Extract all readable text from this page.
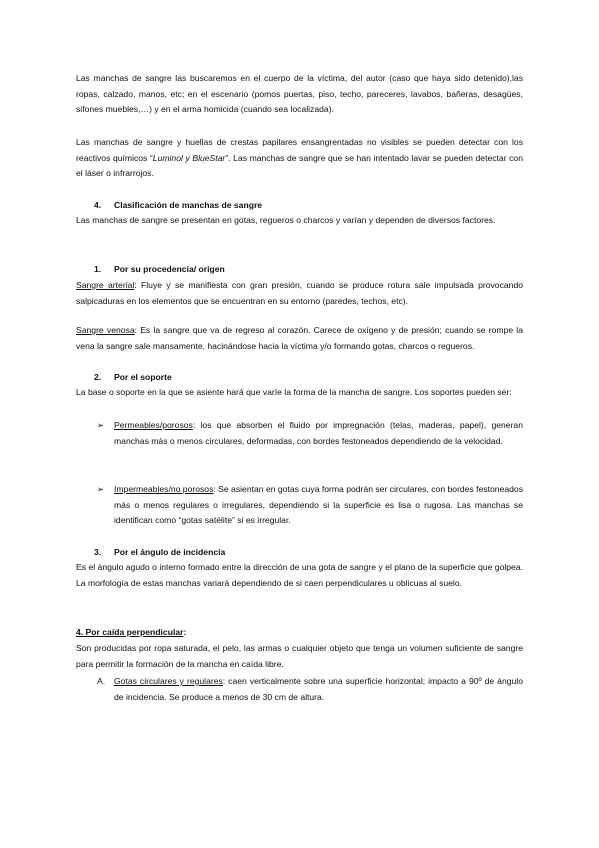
Las manchas de sangre las buscaremos en el cuerpo de la víctima, del autor (caso que haya sido detenido),las ropas, calzado, manos, etc; en el escenario (pomos puertas, piso, techo, pareceres, lavabos, bañeras, desagües, sifones muebles,…) y en el arma homicida (cuando sea localizada).

Las manchas de sangre y huellas de crestas papilares ensangrentadas no visibles se pueden detectar con los reactivos químicos “Luminol y BlueStar”. Las manchas de sangre que se han intentado lavar se pueden detectar con el láser o infrarrojos.

4. Clasificación de manchas de sangre

Las manchas de sangre se presentan en gotas, regueros o charcos y varían y dependen de diversos factores.

1. Por su procedencia/ origen

Sangre arterial: Fluye y se manifiesta con gran presión, cuando se produce rotura sale impulsada provocando salpicaduras en los elementos que se encuentran en su entorno (paredes, techos, etc).

Sangre venosa: Es la sangre que va de regreso al corazón. Carece de oxígeno y de presión; cuando se rompe la vena la sangre sale mansamente, hacinándose hacia la víctima y/o formando gotas, charcos o regueros.

2. Por el soporte

La base o soporte en la que se asiente hará que varíe la forma de la mancha de sangre. Los soportes pueden ser:

➢ Permeables/porosos: los que absorben el fluido por impregnación (telas, maderas, papel), generan manchas más o menos circulares, deformadas, con bordes festoneados dependiendo de la velocidad.

➢ Impermeables/no porosos: Se asientan en gotas cuya forma podrán ser circulares, con bordes festoneados más o menos regulares o irregulares, dependiendo si la superficie es lisa o rugosa. Las manchas se identifican como “gotas satélite” si es irregular.

3. Por el ángulo de incidencia

Es el ángulo agudo o interno formado entre la dirección de una gota de sangre y el plano de la superficie que golpea. La morfología de estas manchas variará dependiendo de si caen perpendiculares u oblicuas al suelo.

4. Por caída perpendicular:

Son producidas por ropa saturada, el pelo, las armas o cualquier objeto que tenga un volumen suficiente de sangre para permitir la formación de la mancha en caída libre.

A. Gotas circulares y regulares: caen verticalmente sobre una superficie horizontal; impacto a 90º de ángulo de incidencia. Se produce a menos de 30 cm de altura.
